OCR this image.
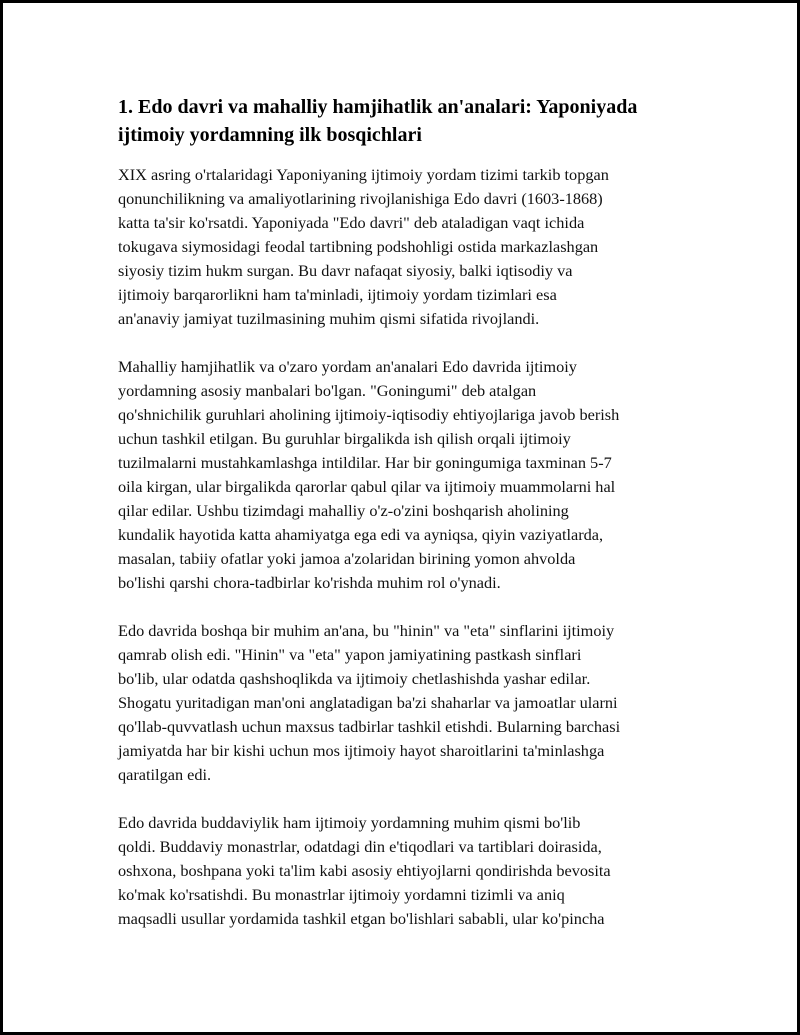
1. Edo davri va mahalliy hamjihatlik an'analari: Yaponiyada
ijtimoiy yordamning ilk bosqichlari
XIX asring o'rtalaridagi Yaponiyaning ijtimoiy yordam tizimi tarkib topgan
qonunchilikning va amaliyotlarining rivojlanishiga Edo davri (1603-1868)
katta ta'sir ko'rsatdi. Yaponiyada "Edo davri" deb ataladigan vaqt ichida
tokugava siymosidagi feodal tartibning podshohligi ostida markazlashgan
siyosiy tizim hukm surgan. Bu davr nafaqat siyosiy, balki iqtisodiy va
ijtimoiy barqarorlikni ham ta'minladi, ijtimoiy yordam tizimlari esa
an'anaviy jamiyat tuzilmasining muhim qismi sifatida rivojlandi.
Mahalliy hamjihatlik va o'zaro yordam an'analari Edo davrida ijtimoiy
yordamning asosiy manbalari bo'lgan. "Goningumi" deb atalgan
qo'shnichilik guruhlari aholining ijtimoiy-iqtisodiy ehtiyojlariga javob berish
uchun tashkil etilgan. Bu guruhlar birgalikda ish qilish orqali ijtimoiy
tuzilmalarni mustahkamlashga intildilar. Har bir goningumiga taxminan 5-7
oila kirgan, ular birgalikda qarorlar qabul qilar va ijtimoiy muammolarni hal
qilar edilar. Ushbu tizimdagi mahalliy o'z-o'zini boshqarish aholining
kundalik hayotida katta ahamiyatga ega edi va ayniqsa, qiyin vaziyatlarda,
masalan, tabiiy ofatlar yoki jamoa a'zolaridan birining yomon ahvolda
bo'lishi qarshi chora-tadbirlar ko'rishda muhim rol o'ynadi.
Edo davrida boshqa bir muhim an'ana, bu "hinin" va "eta" sinflarini ijtimoiy
qamrab olish edi. "Hinin" va "eta" yapon jamiyatining pastkash sinflari
bo'lib, ular odatda qashshoqlikda va ijtimoiy chetlashishda yashar edilar.
Shogatu yuritadigan man'oni anglatadigan ba'zi shaharlar va jamoatlar ularni
qo'llab-quvvatlash uchun maxsus tadbirlar tashkil etishdi. Bularning barchasi
jamiyatda har bir kishi uchun mos ijtimoiy hayot sharoitlarini ta'minlashga
qaratilgan edi.
Edo davrida buddaviylik ham ijtimoiy yordamning muhim qismi bo'lib
qoldi. Buddaviy monastrlar, odatdagi din e'tiqodlari va tartiblari doirasida,
oshxona, boshpana yoki ta'lim kabi asosiy ehtiyojlarni qondirishda bevosita
ko'mak ko'rsatishdi. Bu monastrlar ijtimoiy yordamni tizimli va aniq
maqsadli usullar yordamida tashkil etgan bo'lishlari sababli, ular ko'pincha
